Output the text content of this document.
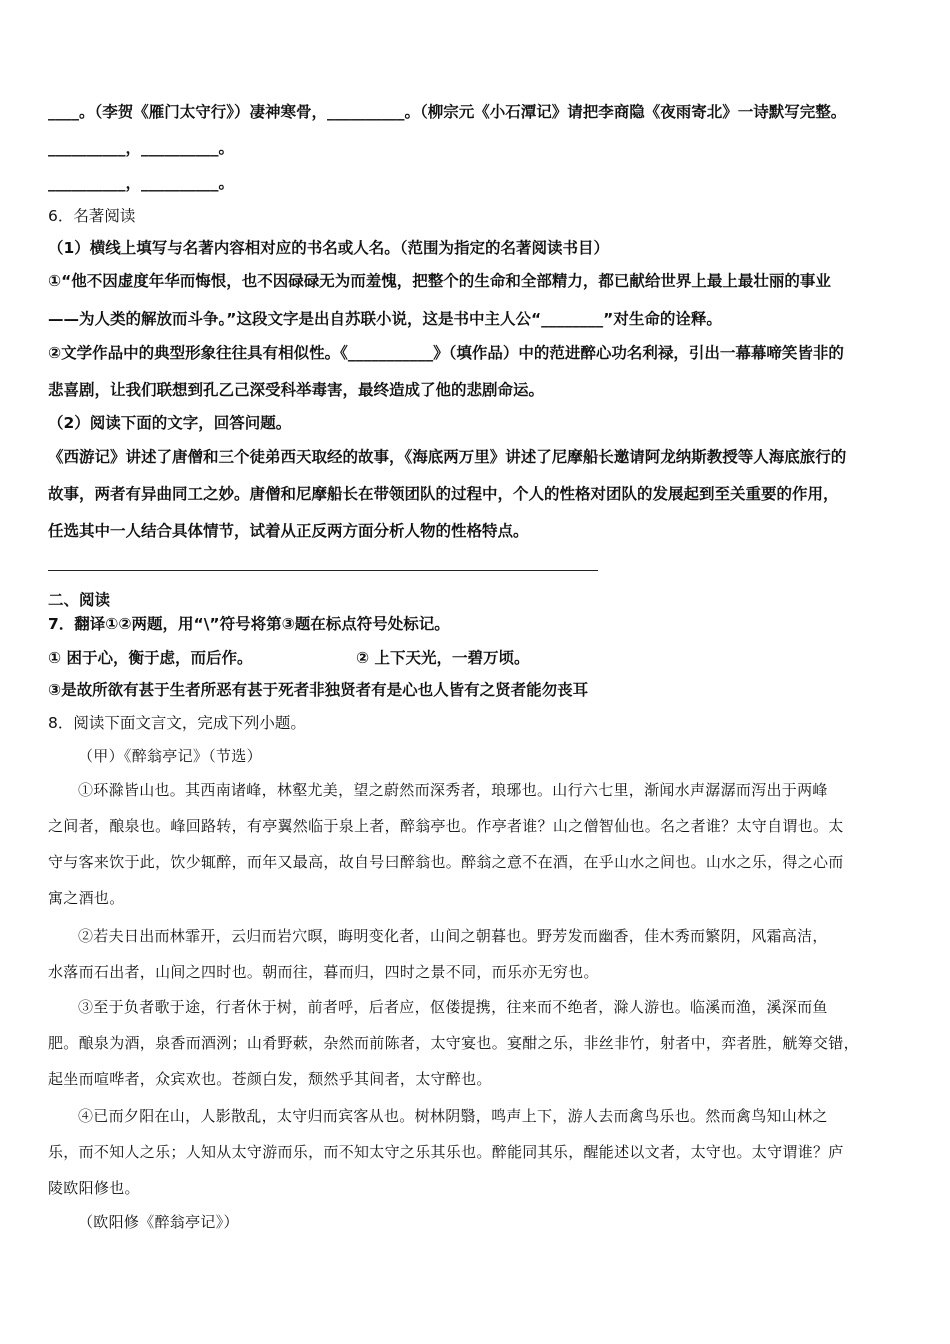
____。（李贺《雁门太守行》）凄神寒骨，__________。（柳宗元《小石潭记》请把李商隐《夜雨寄北》一诗默写完整。
__________，__________。
__________，__________。
6．名著阅读
（1）横线上填写与名著内容相对应的书名或人名。（范围为指定的名著阅读书目）
①“他不因虚度年华而悔恨，也不因碌碌无为而羞愧，把整个的生命和全部精力，都已献给世界上最上最壮丽的事业
——为人类的解放而斗争。”这段文字是出自苏联小说，这是书中主人公“________”对生命的诠释。
②文学作品中的典型形象往往具有相似性。《___________》（填作品）中的范进醉心功名利禄，引出一幕幕啼笑皆非的
悲喜剧，让我们联想到孔乙己深受科举毒害，最终造成了他的悲剧命运。
（2）阅读下面的文字，回答问题。
《西游记》讲述了唐僧和三个徒弟西天取经的故事，《海底两万里》讲述了尼摩船长邀请阿龙纳斯教授等人海底旅行的
故事，两者有异曲同工之妙。唐僧和尼摩船长在带领团队的过程中，个人的性格对团队的发展起到至关重要的作用，
任选其中一人结合具体情节，试着从正反两方面分析人物的性格特点。
二、阅读
7．翻译①②两题，用“\”符号将第③题在标点符号处标记。
① 困于心，衡于虑，而后作。	② 上下天光，一碧万顷。
③是故所欲有甚于生者所恶有甚于死者非独贤者有是心也人皆有之贤者能勿丧耳
8．阅读下面文言文，完成下列小题。
（甲）《醉翁亭记》（节选）
①环滁皆山也。其西南诸峰，林壑尤美，望之蔚然而深秀者，琅琊也。山行六七里，渐闻水声潺潺而泻出于两峰
之间者，酿泉也。峰回路转，有亭翼然临于泉上者，醉翁亭也。作亭者谁？山之僧智仙也。名之者谁？太守自谓也。太
守与客来饮于此，饮少辄醉，而年又最高，故自号曰醉翁也。醉翁之意不在酒，在乎山水之间也。山水之乐，得之心而
寓之酒也。
②若夫日出而林霏开，云归而岩穴暝，晦明变化者，山间之朝暮也。野芳发而幽香，佳木秀而繁阴，风霜高洁，
水落而石出者，山间之四时也。朝而往，暮而归，四时之景不同，而乐亦无穷也。
③至于负者歌于途，行者休于树，前者呼，后者应，伛偻提携，往来而不绝者，滁人游也。临溪而渔，溪深而鱼
肥。酿泉为酒，泉香而酒洌；山肴野蔌，杂然而前陈者，太守宴也。宴酣之乐，非丝非竹，射者中，弈者胜，觥筹交错，
起坐而喧哗者，众宾欢也。苍颜白发，颓然乎其间者，太守醉也。
④已而夕阳在山，人影散乱，太守归而宾客从也。树林阴翳，鸣声上下，游人去而禽鸟乐也。然而禽鸟知山林之
乐，而不知人之乐；人知从太守游而乐，而不知太守之乐其乐也。醉能同其乐，醒能述以文者，太守也。太守谓谁？庐
陵欧阳修也。
（欧阳修《醉翁亭记》）
